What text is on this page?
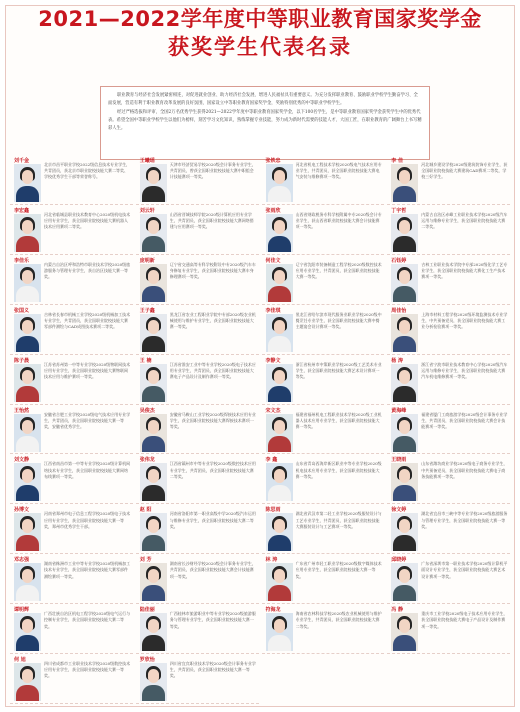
2021—2022学年度中等职业教育国家奖学金
获奖学生代表名录

职业教育与经济社会发展紧密相连，对促进就业创业、助力经济社会发展、增进人民福祉具有重要意义。为充分发挥职业教育、鼓励职业学校学生勤奋学习、全面发展，营造有利于职业教育改革发展的良好氛围，国家设立中等职业教育国家奖学金，奖励特别优秀的中等职业学校学生。

经过严格选拔和评审，全国2万名优秀学生获得2021—2022学年度中等职业教育国家奖学金，以下100名学生，是中等职业教育国家奖学金获奖学生中的优秀代表。希望全国中等职业学校学生以他们为榜样，刻苦学习文化知识，熟练掌握专业技能，努力成为新时代需要的技能人才、大国工匠，在职业教育的广阔舞台上书写精彩人生。

刘千金
北京市昌平职业学校2022级信息技术专业学生，共青团员，获北京市职业院校技能大赛二等奖、学校优秀学生干部等荣誉称号。
王曦瑶
天津市经济贸易学校2020级会计事务专业学生，共青团员，曾获全国职业院校技能大赛中职组会计技能赛项一等奖。
张铁忠
河北省机电工程技术学校2020级电气技术应用专业学生，共青团员，获全国职业院校技能大赛电气安装与维修赛项一等奖。
李 佳
河北城乡建设学校2020级建筑装饰专业学生，获全国职业院校技能大赛建筑CAD赛项二等奖，学校三好学生。
李宏鑫
河北省临城县职业技术教育中心2020级机电技术应用专业学生，获全国职业院校技能大赛机器人技术应用赛项二等奖。
刘云轩
山西省晋城技师学院2020级计算机应用专业学生，共青团员，获全国职业院校技能大赛网络搭建与应用赛项一等奖。
张雨欣
山西省财政税务专科学校附属中专2020级会计专业学生，获山西省职业院校技能大赛会计技能赛项一等奖。
丁宇哲
内蒙古自治区赤峰工业职业技术学校2020级汽车运用与维修专业学生，获全国职业院校技能大赛二等奖。
李佳乐
内蒙古自治区呼和浩特市职业技术学校2020级旅游服务与管理专业学生，获自治区技能大赛一等奖。
庞明新
辽宁省交通高等专科学校附设中专2020级汽车车身修复专业学生，获全国职业院校技能大赛车身修理赛项一等奖。
何佳文
辽宁省沈阳市装备制造工程学校2020级数控技术应用专业学生，共青团员，获全国职业院校技能大赛一等奖。
石钰婷
吉林工业职业技术学院中专部2020级化学工艺专业学生，获全国职业院校技能大赛化工生产技术赛项一等奖。
张国义
吉林省长春市机械工业学校2020级机械加工技术专业学生，共青团员，获全国职业院校技能大赛零部件测绘与CAD成图技术赛项二等奖。
王子鑫
黑龙江省农业工程职业学院中专部2020级农业机械使用与维护专业学生，获全国职业院校技能大赛一等奖。
李佳琪
黑龙江省哈尔滨市现代服务业职业学校2020级中餐烹饪专业学生，获全国职业院校技能大赛中餐主题宴会设计赛项一等奖。
周佳怡
上海市材料工程学校2020级环境监测技术专业学生，中共预备党员，获全国职业院校技能大赛工业分析检验赛项一等奖。
陈子晨
江苏省苏州第一中等专业学校2020级物联网技术应用专业学生，获全国职业院校技能大赛物联网技术应用与维护赛项一等奖。
王 楠
江苏省淮安工业中等专业学校2020级电子技术应用专业学生，共青团员，获全国职业院校技能大赛电子产品设计及制作赛项一等奖。
李静文
浙江省杭州市中策职业学校2020级工艺美术专业学生，获全国职业院校技能大赛艺术设计赛项一等奖。
杨 涛
浙江省宁波市职业技术教育中心学校2020级汽车运用与维修专业学生，获全国职业院校技能大赛汽车机电维修赛项一等奖。
王怡然
安徽省合肥工业学校2020级电气技术应用专业学生，共青团员，获全国职业院校技能大赛一等奖，安徽省优秀学生。
吴俊杰
安徽省马鞍山工业学校2020级焊接技术应用专业学生，获全国职业院校技能大赛焊接技术赛项一等奖。
宋文杰
福建省福州机电工程职业技术学校2020级工业机器人技术应用专业学生，获全国职业院校技能大赛一等奖。
黄海峰
福建省厦门工商旅游学校2020级会计事务专业学生，共青团员，获全国职业院校技能大赛会计技能赛项一等奖。
刘文静
江西省南昌市第一中等专业学校2020级计算机网络技术专业学生，获全国职业院校技能大赛网络布线赛项一等奖。
张伟龙
江西省赣州市中等专业学校2020级数控技术应用专业学生，共青团员，获全国职业院校技能大赛二等奖。
李 鑫
山东省青岛西海岸新区职业中等专业学校2020级机电技术应用专业学生，获全国职业院校技能大赛一等奖。
王晓雨
山东省潍坊商业学校2020级电子商务专业学生，中共预备党员，获全国职业院校技能大赛电子商务技能赛项一等奖。
孙博文
河南省郑州市电子信息工程学校2020级电子技术应用专业学生，获全国职业院校技能大赛一等奖，郑州市优秀学生干部。
赵 阳
河南省洛阳市第一职业高级中学2020级汽车运用与维修专业学生，获全国职业院校技能大赛二等奖。
陈思雨
湖北省武汉市第二轻工业学校2020级服装设计与工艺专业学生，共青团员，获全国职业院校技能大赛服装设计与工艺赛项一等奖。
徐文婷
湖北省宜昌市三峡中等专业学校2020级旅游服务与管理专业学生，获全国职业院校技能大赛一等奖。
邓志强
湖南省株洲市工业中等专业学校2020级机械加工技术专业学生，获全国职业院校技能大赛零部件测绘赛项一等奖。
刘 芳
湖南省长沙财经学校2020级会计事务专业学生，共青团员，获全国职业院校技能大赛会计技能赛项一等奖。
林 涛
广东省广州市轻工职业学校2020级数字媒体技术应用专业学生，获全国职业院校技能大赛一等奖。
邱晓婷
广东省深圳市第一职业技术学校2020级计算机平面设计专业学生，获全国职业院校技能大赛艺术设计赛项一等奖。
谭明辉
广西壮族自治区机电工程学校2020级电气运行与控制专业学生，获全国职业院校技能大赛二等奖。
陆佳丽
广西桂林市旅游职业中等专业学校2020级旅游服务与管理专业学生，获全国职业院校技能大赛一等奖。
符海龙
海南省农林科技学校2020级农业机械使用与维护专业学生，共青团员，获全国职业院校技能大赛二等奖。
冯 静
重庆市工业学校2020级电子技术应用专业学生，获全国职业院校技能大赛电子产品设计及制作赛项一等奖。
何 旭
四川省成都市工业职业技术学校2020级数控技术应用专业学生，获全国职业院校技能大赛一等奖。
罗欣怡
四川省宜宾职业技术学校2020级会计事务专业学生，共青团员，获全国职业院校技能大赛一等奖。
